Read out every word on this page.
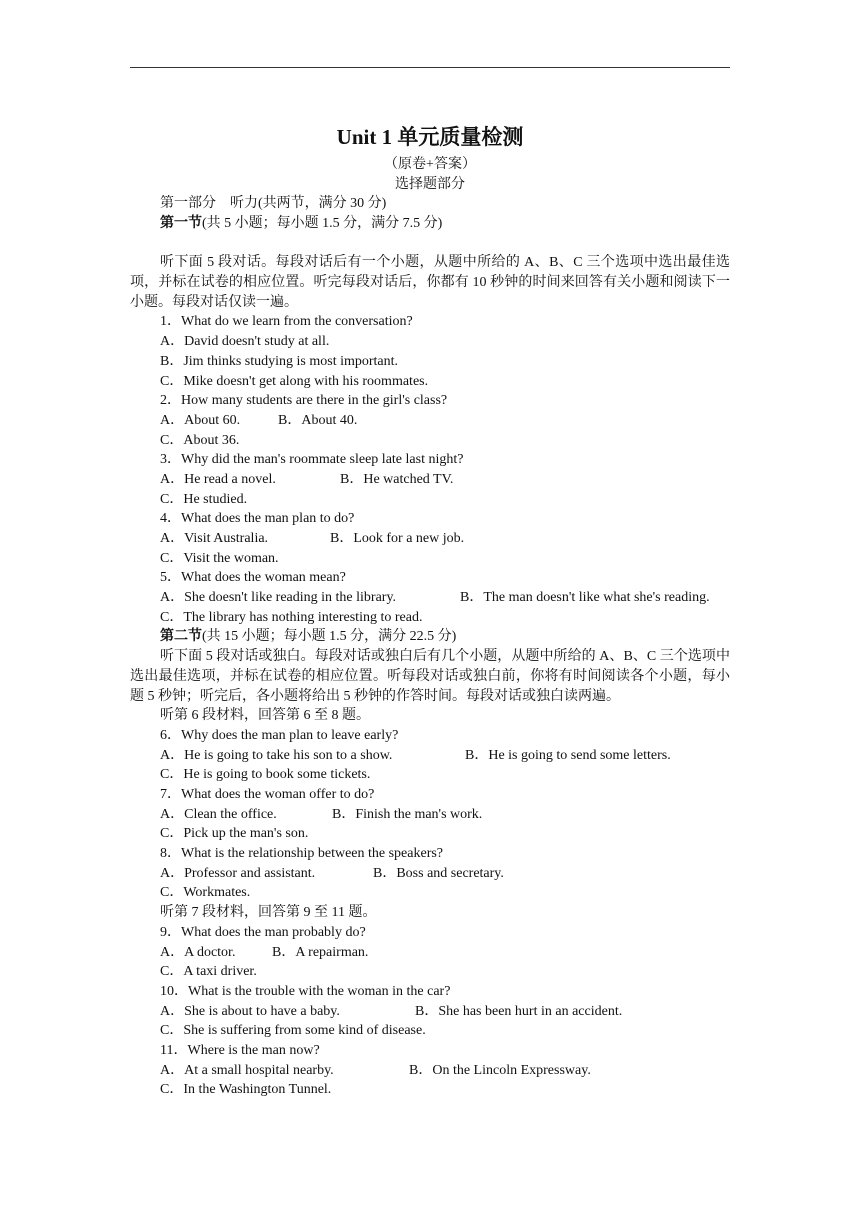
Unit 1 单元质量检测
（原卷+答案）
选择题部分
第一部分　听力(共两节，满分 30 分)
第一节(共 5 小题；每小题 1.5 分，满分 7.5 分)
听下面 5 段对话。每段对话后有一个小题，从题中所给的 A、B、C 三个选项中选出最佳选项，并标在试卷的相应位置。听完每段对话后，你都有 10 秒钟的时间来回答有关小题和阅读下一小题。每段对话仅读一遍。
1．What do we learn from the conversation?
A．David doesn't study at all.
B．Jim thinks studying is most important.
C．Mike doesn't get along with his roommates.
2．How many students are there in the girl's class?
A．About 60.	B．About 40.
C．About 36.
3．Why did the man's roommate sleep late last night?
A．He read a novel.	B．He watched TV.
C．He studied.
4．What does the man plan to do?
A．Visit Australia.	B．Look for a new job.
C．Visit the woman.
5．What does the woman mean?
A．She doesn't like reading in the library.	B．The man doesn't like what she's reading.
C．The library has nothing interesting to read.
第二节(共 15 小题；每小题 1.5 分，满分 22.5 分)
听下面 5 段对话或独白。每段对话或独白后有几个小题，从题中所给的 A、B、C 三个选项中选出最佳选项，并标在试卷的相应位置。听每段对话或独白前，你将有时间阅读各个小题，每小题 5 秒钟；听完后，各小题将给出 5 秒钟的作答时间。每段对话或独白读两遍。
听第 6 段材料，回答第 6 至 8 题。
6．Why does the man plan to leave early?
A．He is going to take his son to a show.	B．He is going to send some letters.
C．He is going to book some tickets.
7．What does the woman offer to do?
A．Clean the office.	B．Finish the man's work.
C．Pick up the man's son.
8．What is the relationship between the speakers?
A．Professor and assistant.	B．Boss and secretary.
C．Workmates.
听第 7 段材料，回答第 9 至 11 题。
9．What does the man probably do?
A．A doctor.	B．A repairman.
C．A taxi driver.
10．What is the trouble with the woman in the car?
A．She is about to have a baby.	B．She has been hurt in an accident.
C．She is suffering from some kind of disease.
11．Where is the man now?
A．At a small hospital nearby.	B．On the Lincoln Expressway.
C．In the Washington Tunnel.
